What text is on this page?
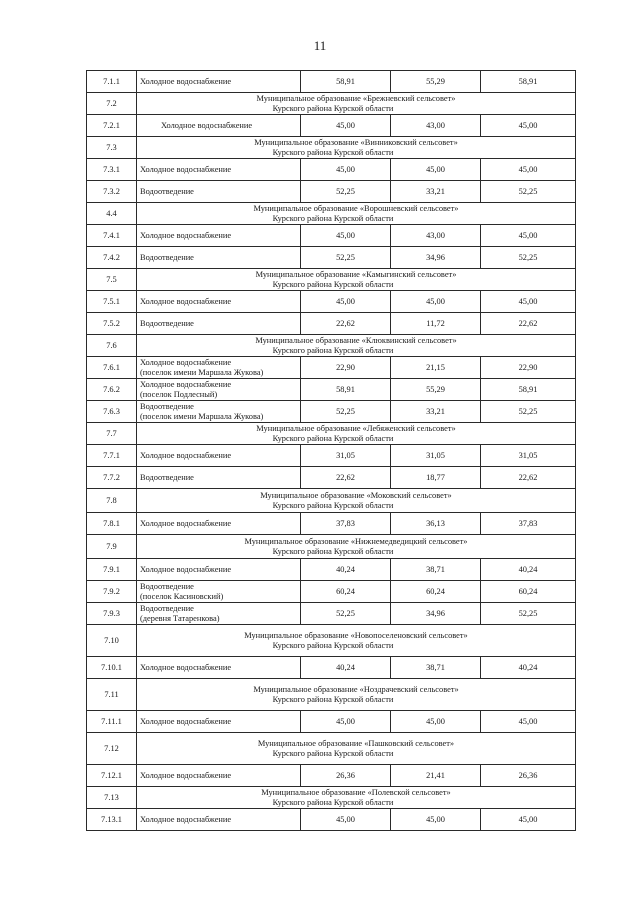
11
7.1.1	Холодное водоснабжение	58,91	55,29	58,91
7.2	Муниципальное образование «Брежневский сельсовет»
Курского района Курской области			

7.2.1	Холодное водоснабжение	45,00	43,00	45,00
7.3	Муниципальное образование «Винниковский сельсовет»
Курского района Курской области			

7.3.1	Холодное водоснабжение	45,00	45,00	45,00
7.3.2	Водоотведение	52,25	33,21	52,25
4.4	Муниципальное образование «Ворошневский сельсовет»
Курского района Курской области			

7.4.1	Холодное водоснабжение	45,00	43,00	45,00
7.4.2	Водоотведение	52,25	34,96	52,25
7.5	Муниципальное образование «Камыгинский сельсовет»
Курского района Курской области			

7.5.1	Холодное водоснабжение	45,00	45,00	45,00
7.5.2	Водоотведение	22,62	11,72	22,62
7.6	Муниципальное образование «Клюквинский сельсовет»
Курского района Курской области			

7.6.1	Холодное водоснабжение
(поселок имени Маршала Жукова)	22,90	21,15	22,90
7.6.2	Холодное водоснабжение
(поселок Подлесный)	58,91	55,29	58,91
7.6.3	Водоотведение
(поселок имени Маршала Жукова)	52,25	33,21	52,25
7.7	Муниципальное образование «Лебяженский сельсовет»
Курского района Курской области			

7.7.1	Холодное водоснабжение	31,05	31,05	31,05
7.7.2	Водоотведение	22,62	18,77	22,62
7.8	Муниципальное образование «Моковский сельсовет»
Курского района Курской области			

7.8.1	Холодное водоснабжение	37,83	36,13	37,83
7.9	Муниципальное образование «Нижнемедведицкий сельсовет»
Курского района Курской области			

7.9.1	Холодное водоснабжение	40,24	38,71	40,24
7.9.2	Водоотведение
(поселок Касиновский)	60,24	60,24	60,24
7.9.3	Водоотведение
(деревня Татаренкова)	52,25	34,96	52,25
7.10	Муниципальное образование «Новопоселеновский сельсовет»
Курского района Курской области			

7.10.1	Холодное водоснабжение	40,24	38,71	40,24
7.11	Муниципальное образование «Ноздрачевский сельсовет»
Курского района Курской области			

7.11.1	Холодное водоснабжение	45,00	45,00	45,00
7.12	Муниципальное образование «Пашковский сельсовет»
Курского района Курской области			

7.12.1	Холодное водоснабжение	26,36	21,41	26,36
7.13	Муниципальное образование «Полевской сельсовет»
Курского района Курской области			

7.13.1	Холодное водоснабжение	45,00	45,00	45,00
